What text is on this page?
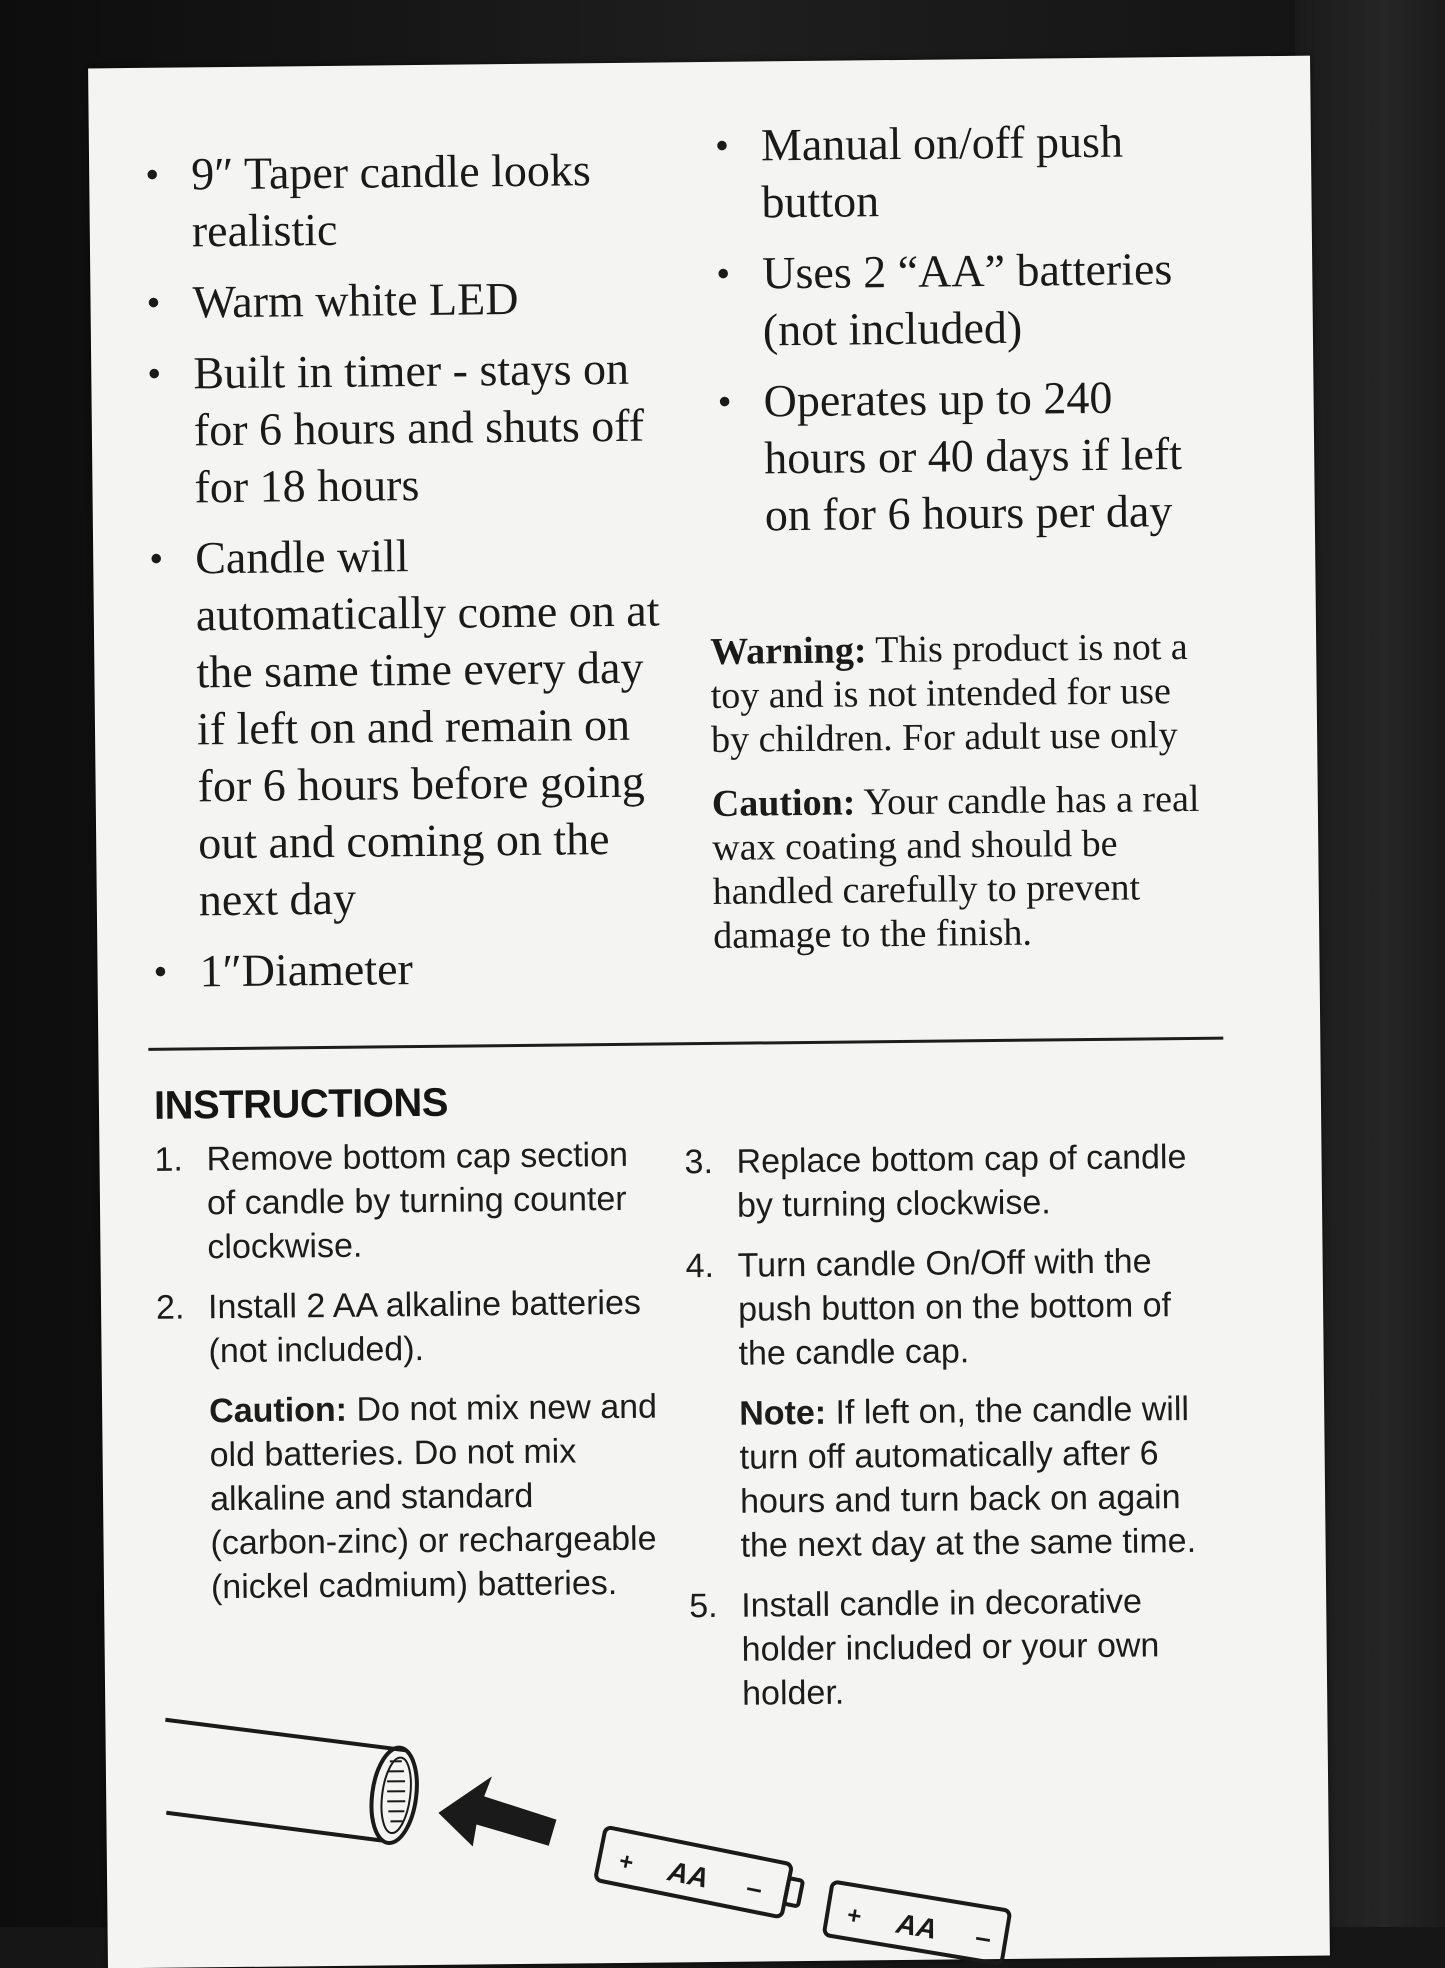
• 9″ Taper candle looks realistic
• Warm white LED
• Built in timer - stays on for 6 hours and shuts off for 18 hours
• Candle will automatically come on at the same time every day if left on and remain on for 6 hours before going out and coming on the next day
• 1″Diameter
• Manual on/off push button
• Uses 2 “AA” batteries (not included)
• Operates up to 240 hours or 40 days if left on for 6 hours per day

Warning: This product is not a toy and is not intended for use by children. For adult use only

Caution: Your candle has a real wax coating and should be handled carefully to prevent damage to the finish.

INSTRUCTIONS
1. Remove bottom cap section of candle by turning counter clockwise.
2. Install 2 AA alkaline batteries (not included).
Caution: Do not mix new and old batteries. Do not mix alkaline and standard (carbon-zinc) or rechargeable (nickel cadmium) batteries.
3. Replace bottom cap of candle by turning clockwise.
4. Turn candle On/Off with the push button on the bottom of the candle cap.
Note: If left on, the candle will turn off automatically after 6 hours and turn back on again the next day at the same time.
5. Install candle in decorative holder included or your own holder.
+ AA –
+ AA –
